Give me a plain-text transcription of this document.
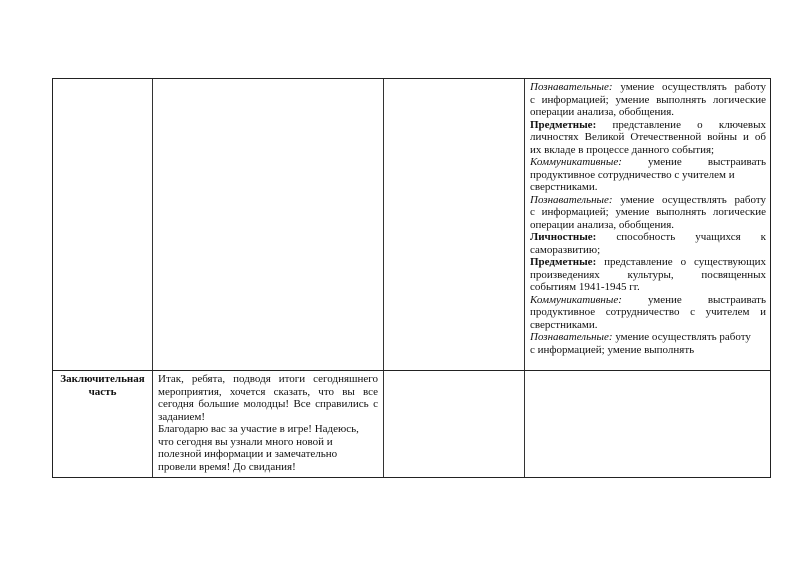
Познавательные: умение осуществлять работу
с информацией; умение выполнять логические
операции анализа, обобщения.
Предметные: представление о ключевых
личностях Великой Отечественной войны и об
их вкладе в процессе данного события;
Коммуникативные: умение выстраивать
продуктивное сотрудничество с учителем и
сверстниками.
Познавательные: умение осуществлять работу
с информацией; умение выполнять логические
операции анализа, обобщения.
Личностные: способность учащихся к
саморазвитию;
Предметные: представление о существующих
произведениях культуры, посвященных
событиям 1941-1945 гг.
Коммуникативные: умение выстраивать
продуктивное сотрудничество с учителем и
сверстниками.
Познавательные: умение осуществлять работу
с информацией; умение выполнять
Заключительная
часть
Итак, ребята, подводя итоги сегодняшнего
мероприятия, хочется сказать, что вы все
сегодня большие молодцы! Все справились с
заданием!
Благодарю вас за участие в игре! Надеюсь,
что сегодня вы узнали много новой и
полезной информации и замечательно
провели время! До свидания!
